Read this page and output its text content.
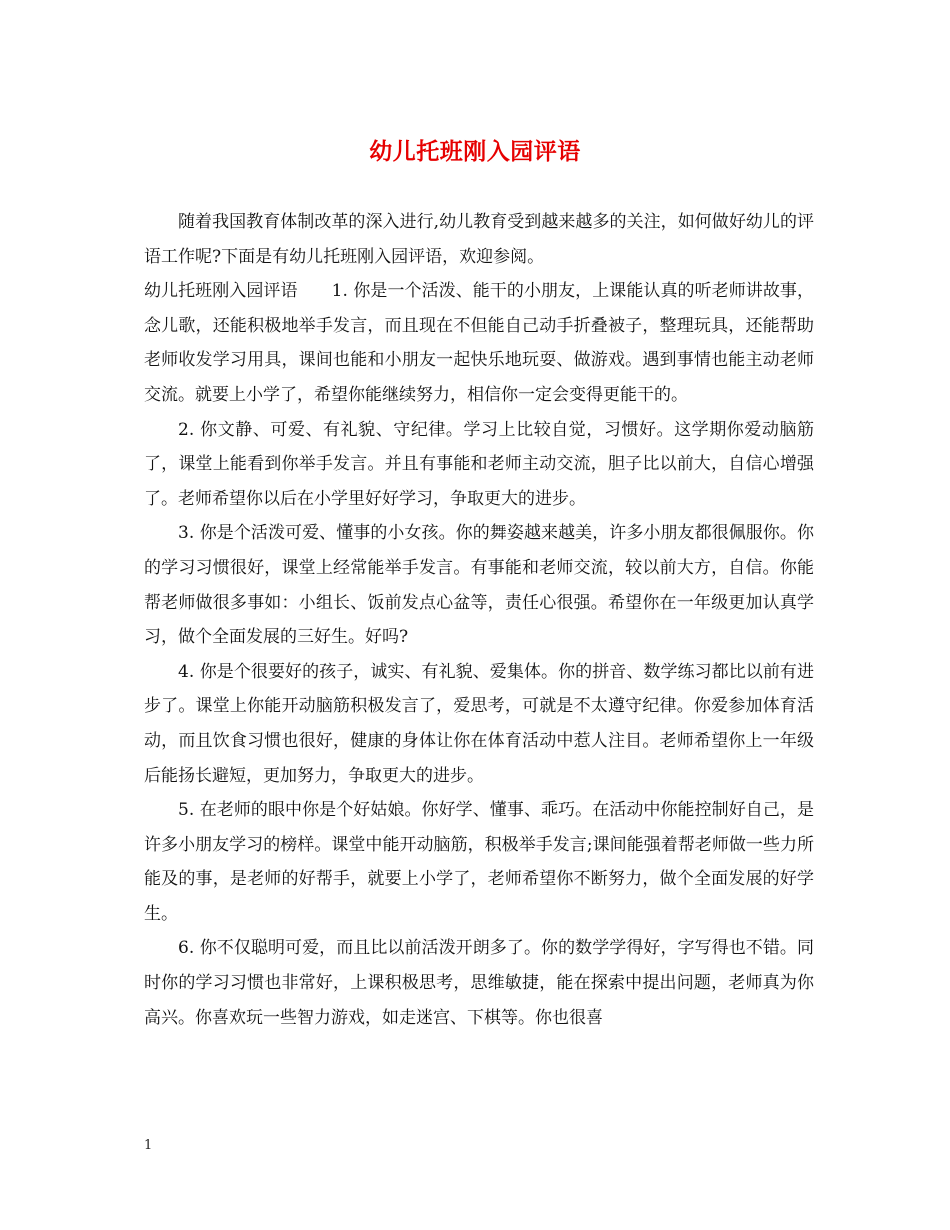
幼儿托班刚入园评语

随着我国教育体制改革的深入进行,幼儿教育受到越来越多的关注，如何做好幼儿的评语工作呢?下面是有幼儿托班刚入园评语，欢迎参阅。

幼儿托班刚入园评语　　1. 你是一个活泼、能干的小朋友，上课能认真的听老师讲故事，念儿歌，还能积极地举手发言，而且现在不但能自己动手折叠被子，整理玩具，还能帮助老师收发学习用具，课间也能和小朋友一起快乐地玩耍、做游戏。遇到事情也能主动老师交流。就要上小学了，希望你能继续努力，相信你一定会变得更能干的。

2. 你文静、可爱、有礼貌、守纪律。学习上比较自觉，习惯好。这学期你爱动脑筋了，课堂上能看到你举手发言。并且有事能和老师主动交流，胆子比以前大，自信心增强了。老师希望你以后在小学里好好学习，争取更大的进步。

3. 你是个活泼可爱、懂事的小女孩。你的舞姿越来越美，许多小朋友都很佩服你。你的学习习惯很好，课堂上经常能举手发言。有事能和老师交流，较以前大方，自信。你能帮老师做很多事如：小组长、饭前发点心盆等，责任心很强。希望你在一年级更加认真学习，做个全面发展的三好生。好吗?

4. 你是个很要好的孩子，诚实、有礼貌、爱集体。你的拼音、数学练习都比以前有进步了。课堂上你能开动脑筋积极发言了，爱思考，可就是不太遵守纪律。你爱参加体育活动，而且饮食习惯也很好，健康的身体让你在体育活动中惹人注目。老师希望你上一年级后能扬长避短，更加努力，争取更大的进步。

5. 在老师的眼中你是个好姑娘。你好学、懂事、乖巧。在活动中你能控制好自己，是许多小朋友学习的榜样。课堂中能开动脑筋，积极举手发言;课间能强着帮老师做一些力所能及的事，是老师的好帮手，就要上小学了，老师希望你不断努力，做个全面发展的好学生。

6. 你不仅聪明可爱，而且比以前活泼开朗多了。你的数学学得好，字写得也不错。同时你的学习习惯也非常好，上课积极思考，思维敏捷，能在探索中提出问题，老师真为你高兴。你喜欢玩一些智力游戏，如走迷宫、下棋等。你也很喜

1
